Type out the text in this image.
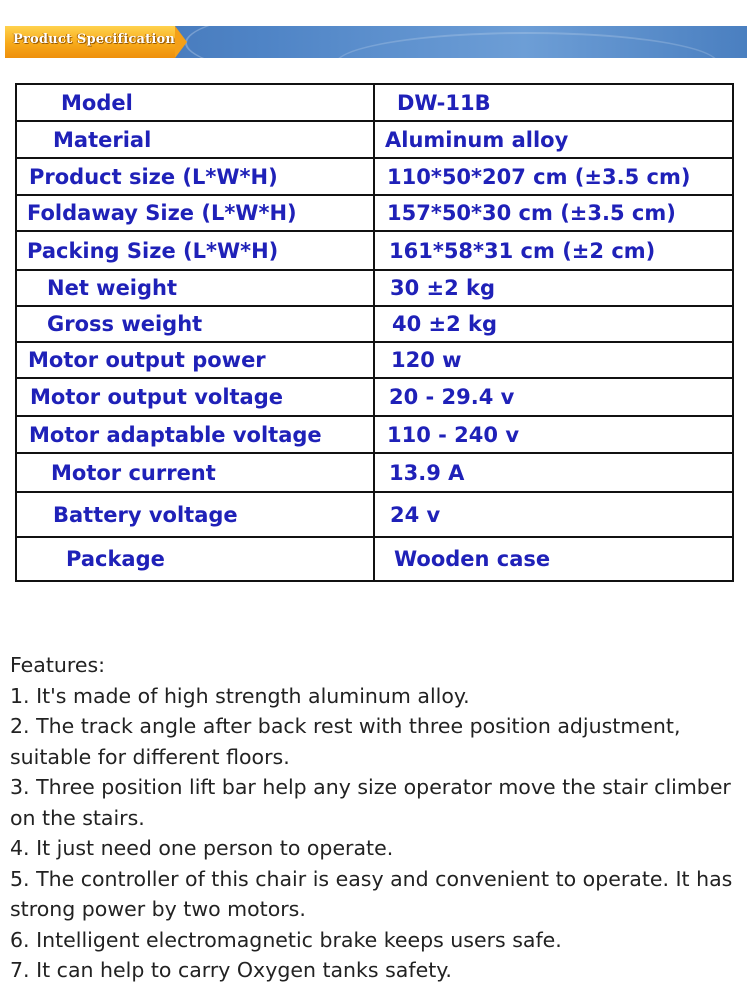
Product Specification
Model	DW-11B
Material	Aluminum alloy
Product size (L*W*H)	110*50*207 cm (±3.5 cm)
Foldaway Size (L*W*H)	157*50*30 cm (±3.5 cm)
Packing Size (L*W*H)	161*58*31 cm (±2 cm)
Net weight	30 ±2 kg
Gross weight	40 ±2 kg
Motor output power	120 w
Motor output voltage	20 - 29.4 v
Motor adaptable voltage	110 - 240 v
Motor current	13.9 A
Battery voltage	24 v
Package	Wooden case

Features:

1. It's made of high strength aluminum alloy.

2. The track angle after back rest with three position adjustment, suitable for different floors.

3. Three position lift bar help any size operator move the stair climber on the stairs.

4. It just need one person to operate.

5. The controller of this chair is easy and convenient to operate. It has strong power by two motors.

6. Intelligent electromagnetic brake keeps users safe.

7. It can help to carry Oxygen tanks safety.
